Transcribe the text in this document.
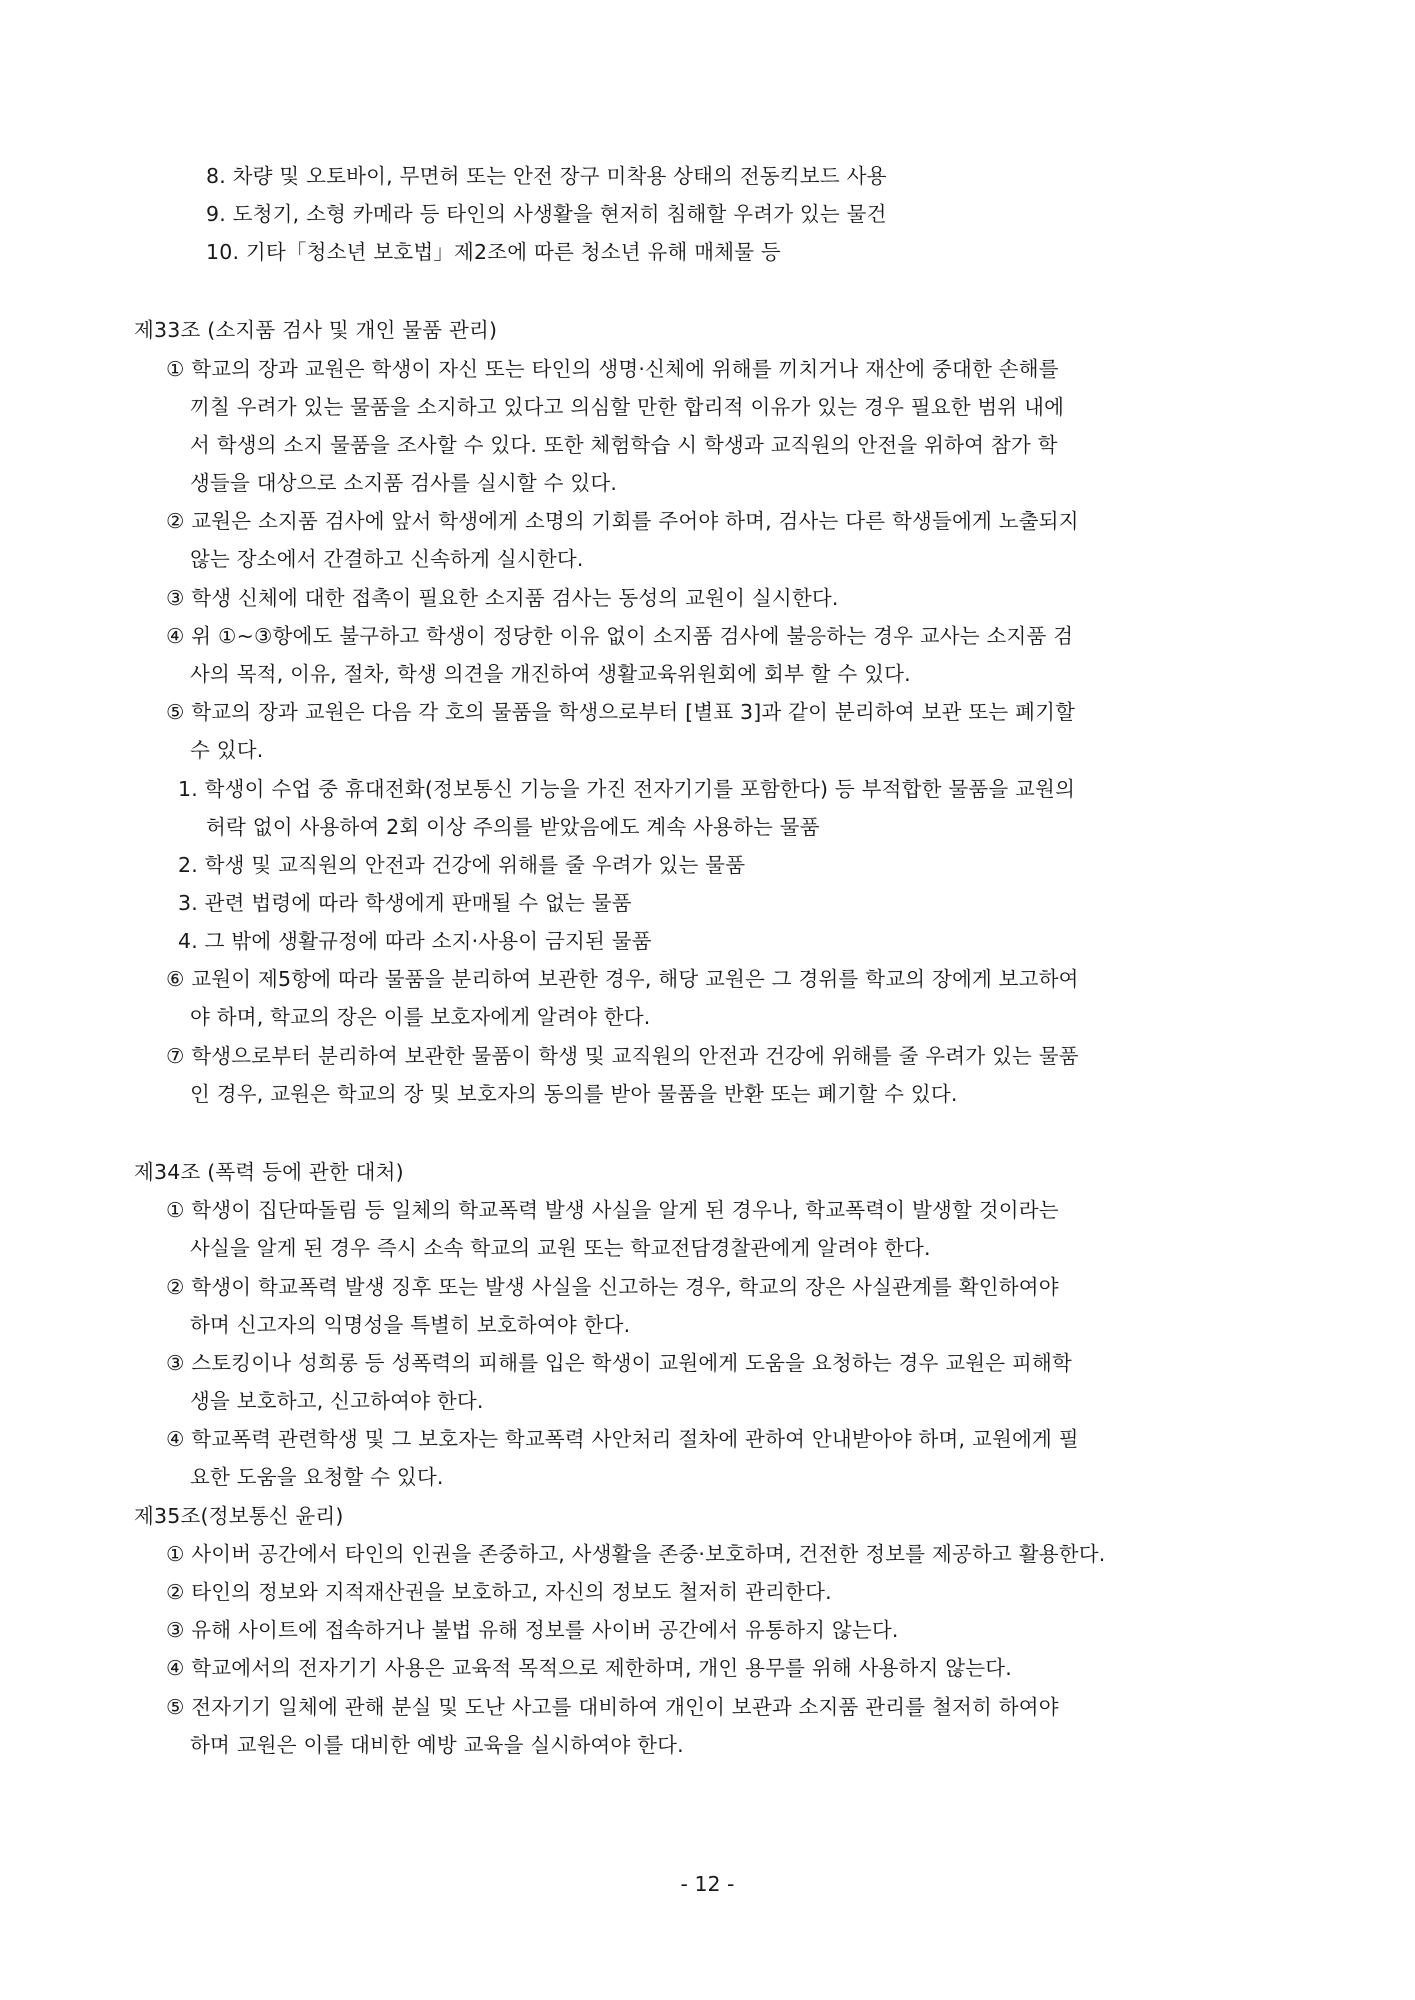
8. 차량 및 오토바이, 무면허 또는 안전 장구 미착용 상태의 전동킥보드 사용
9. 도청기, 소형 카메라 등 타인의 사생활을 현저히 침해할 우려가 있는 물건
10. 기타「청소년 보호법」제2조에 따른 청소년 유해 매체물 등
제33조 (소지품 검사 및 개인 물품 관리)
① 학교의 장과 교원은 학생이 자신 또는 타인의 생명·신체에 위해를 끼치거나 재산에 중대한 손해를
끼칠 우려가 있는 물품을 소지하고 있다고 의심할 만한 합리적 이유가 있는 경우 필요한 범위 내에
서 학생의 소지 물품을 조사할 수 있다. 또한 체험학습 시 학생과 교직원의 안전을 위하여 참가 학
생들을 대상으로 소지품 검사를 실시할 수 있다.
② 교원은 소지품 검사에 앞서 학생에게 소명의 기회를 주어야 하며, 검사는 다른 학생들에게 노출되지
않는 장소에서 간결하고 신속하게 실시한다.
③ 학생 신체에 대한 접촉이 필요한 소지품 검사는 동성의 교원이 실시한다.
④ 위 ①~③항에도 불구하고 학생이 정당한 이유 없이 소지품 검사에 불응하는 경우 교사는 소지품 검
사의 목적, 이유, 절차, 학생 의견을 개진하여 생활교육위원회에 회부 할 수 있다.
⑤ 학교의 장과 교원은 다음 각 호의 물품을 학생으로부터 [별표 3]과 같이 분리하여 보관 또는 폐기할
수 있다.
1. 학생이 수업 중 휴대전화(정보통신 기능을 가진 전자기기를 포함한다) 등 부적합한 물품을 교원의
허락 없이 사용하여 2회 이상 주의를 받았음에도 계속 사용하는 물품
2. 학생 및 교직원의 안전과 건강에 위해를 줄 우려가 있는 물품
3. 관련 법령에 따라 학생에게 판매될 수 없는 물품
4. 그 밖에 생활규정에 따라 소지·사용이 금지된 물품
⑥ 교원이 제5항에 따라 물품을 분리하여 보관한 경우, 해당 교원은 그 경위를 학교의 장에게 보고하여
야 하며, 학교의 장은 이를 보호자에게 알려야 한다.
⑦ 학생으로부터 분리하여 보관한 물품이 학생 및 교직원의 안전과 건강에 위해를 줄 우려가 있는 물품
인 경우, 교원은 학교의 장 및 보호자의 동의를 받아 물품을 반환 또는 폐기할 수 있다.
제34조 (폭력 등에 관한 대처)
① 학생이 집단따돌림 등 일체의 학교폭력 발생 사실을 알게 된 경우나, 학교폭력이 발생할 것이라는
사실을 알게 된 경우 즉시 소속 학교의 교원 또는 학교전담경찰관에게 알려야 한다.
② 학생이 학교폭력 발생 징후 또는 발생 사실을 신고하는 경우, 학교의 장은 사실관계를 확인하여야
하며 신고자의 익명성을 특별히 보호하여야 한다.
③ 스토킹이나 성희롱 등 성폭력의 피해를 입은 학생이 교원에게 도움을 요청하는 경우 교원은 피해학
생을 보호하고, 신고하여야 한다.
④ 학교폭력 관련학생 및 그 보호자는 학교폭력 사안처리 절차에 관하여 안내받아야 하며, 교원에게 필
요한 도움을 요청할 수 있다.
제35조(정보통신 윤리)
① 사이버 공간에서 타인의 인권을 존중하고, 사생활을 존중·보호하며, 건전한 정보를 제공하고 활용한다.
② 타인의 정보와 지적재산권을 보호하고, 자신의 정보도 철저히 관리한다.
③ 유해 사이트에 접속하거나 불법 유해 정보를 사이버 공간에서 유통하지 않는다.
④ 학교에서의 전자기기 사용은 교육적 목적으로 제한하며, 개인 용무를 위해 사용하지 않는다.
⑤ 전자기기 일체에 관해 분실 및 도난 사고를 대비하여 개인이 보관과 소지품 관리를 철저히 하여야
하며 교원은 이를 대비한 예방 교육을 실시하여야 한다.
- 12 -
